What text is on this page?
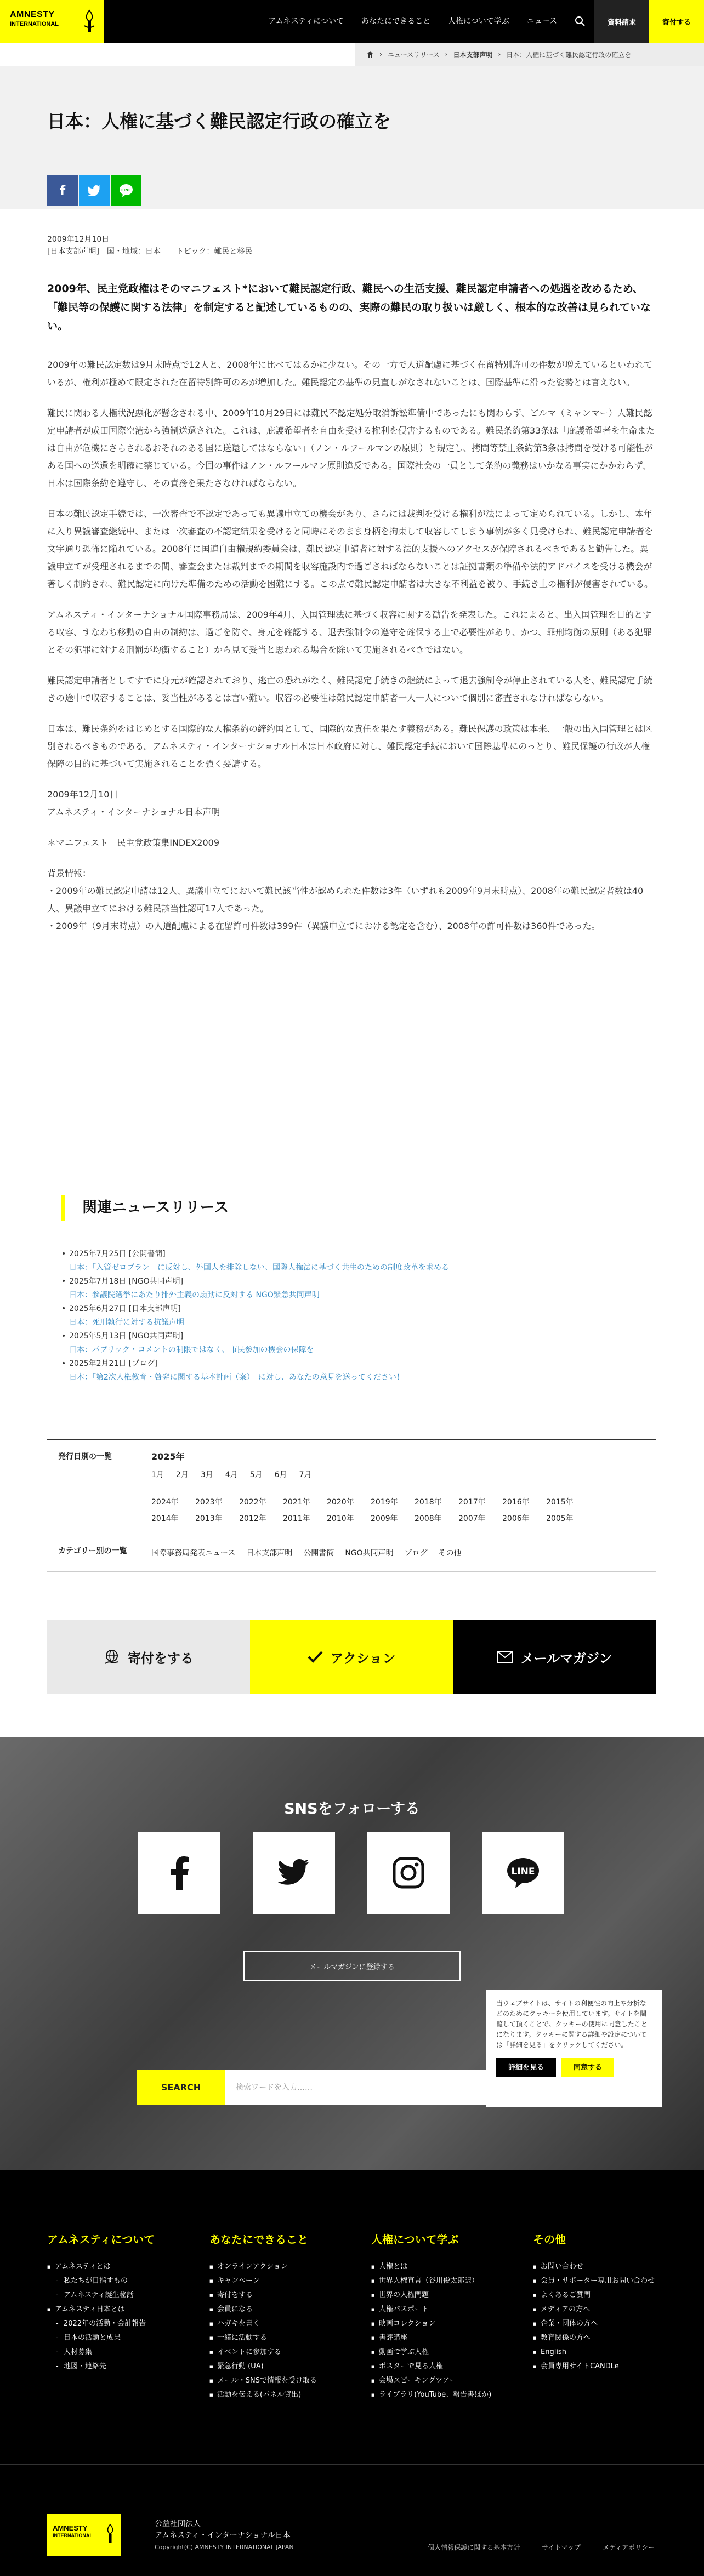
AMNESTY
INTERNATIONAL	アムネスティについて	あなたにできること	人権について学ぶ	ニュース	資料請求	寄付する
› ニュースリリース › 日本支部声明 › 日本：人権に基づく難民認定行政の確立を
日本：人権に基づく難民認定行政の確立を
f	LINE
2009年12月10日
[日本支部声明]　国・地域：日本　　トピック：難民と移民

2009年、民主党政権はそのマニフェスト*において難民認定行政、難民への生活支援、難民認定申請者への処遇を改めるため、「難民等の保護に関する法律」を制定すると記述しているものの、実際の難民の取り扱いは厳しく、根本的な改善は見られていない。

2009年の難民認定数は9月末時点で12人と、2008年に比べてはるかに少ない。その一方で人道配慮に基づく在留特別許可の件数が増えているといわれているが、権利が極めて限定された在留特別許可のみが増加した。難民認定の基準の見直しがなされないことは、国際基準に沿った姿勢とは言えない。

難民に関わる人権状況悪化が懸念される中、2009年10月29日には難民不認定処分取消訴訟準備中であったにも関わらず、ビルマ（ミャンマー）人難民認定申請者が成田国際空港から強制送還された。これは、庇護希望者を自由を受ける権利を侵害するものである。難民条約第33条は「庇護希望者を生命または自由が危機にさらされるおそれのある国に送還してはならない」（ノン・ルフールマンの原則）と規定し、拷問等禁止条約第3条は拷問を受ける可能性がある国への送還を明確に禁じている。今回の事件はノン・ルフールマン原則違反である。国際社会の一員として条約の義務はいかなる事実にかかわらず、日本は国際条約を遵守し、その責務を果たさなければならない。

日本の難民認定手続では、一次審査で不認定であっても異議申立ての機会があり、さらには裁判を受ける権利が法によって定められている。しかし、本年に入り異議審査継続中、または一次審査の不認定結果を受けると同時にそのまま身柄を拘束して収容してしまう事例が多く見受けられ、難民認定申請者を文字通り恐怖に陥れている。2008年に国連自由権規約委員会は、難民認定申請者に対する法的支援へのアクセスが保障されるべきであると勧告した。異議申立てが受理されるまでの間、審査会または裁判までの期間を収容施設内で過ごさねばならないことは証拠書類の準備や法的アドバイスを受ける機会が著しく制約され、難民認定に向けた準備のための活動を困難にする。この点で難民認定申請者は大きな不利益を被り、手続き上の権利が侵害されている。

アムネスティ・インターナショナル国際事務局は、2009年4月、入国管理法に基づく収容に関する勧告を発表した。これによると、出入国管理を目的とする収容、すなわち移動の自由の制約は、過ごを防ぐ、身元を確認する、退去強制令の遵守を確保する上で必要性があり、かつ、罪刑均衡の原則（ある犯罪とその犯罪に対する刑罰が均衡すること）から見て妥当と思われる場合を除いて実施されるべきではない。

難民認定申請者としてすでに身元が確認されており、逃亡の恐れがなく、難民認定手続きの継続によって退去強制令が停止されている人を、難民認定手続きの途中で収容することは、妥当性があるとは言い難い。収容の必要性は難民認定申請者一人一人について個別に審査されなければならない。

日本は、難民条約をはじめとする国際的な人権条約の締約国として、国際的な責任を果たす義務がある。難民保護の政策は本来、一般の出入国管理とは区別されるべきものである。アムネスティ・インターナショナル日本は日本政府に対し、難民認定手続において国際基準にのっとり、難民保護の行政が人権保障の目的に基づいて実施されることを強く要請する。

2009年12月10日

アムネスティ・インターナショナル日本声明

＊マニフェスト　民主党政策集INDEX2009

背景情報：

・2009年の難民認定申請は12人、異議申立てにおいて難民該当性が認められた件数は3件（いずれも2009年9月末時点）、2008年の難民認定者数は40人、異議申立てにおける難民該当性認可17人であった。

・2009年（9月末時点）の人道配慮による在留許可件数は399件（異議申立てにおける認定を含む）、2008年の許可件数は360件であった。

関連ニュースリリース
• 2025年7月25日 [公開書簡]
日本：「入管ゼロプラン」に反対し、外国人を排除しない、国際人権法に基づく共生のための制度改革を求める
• 2025年7月18日 [NGO共同声明]
日本：参議院選挙にあたり排外主義の扇動に反対する NGO緊急共同声明
• 2025年6月27日 [日本支部声明]
日本：死刑執行に対する抗議声明
• 2025年5月13日 [NGO共同声明]
日本：パブリック・コメントの制限ではなく、市民参加の機会の保障を
• 2025年2月21日 [ブログ]
日本：「第2次人権教育・啓発に関する基本計画（案）」に対し、あなたの意見を送ってください！
発行日別の一覧	2025年
1月 2月 3月 4月 5月 6月 7月
2024年	2023年	2022年	2021年	2020年	2019年	2018年	2017年	2016年	2015年
2014年	2013年	2012年	2011年	2010年	2009年	2008年	2007年	2006年	2005年
カテゴリー別の一覧	国際事務局発表ニュース 日本支部声明 公開書簡 NGO共同声明 ブログ その他
寄付をする	アクション	メールマガジン
SNSをフォローする
LINE
メールマガジンに登録する
SEARCH	検索ワードを入力……
当ウェブサイトは、サイトの利便性の向上や分析などのためにクッキーを使用しています。サイトを閲覧して頂くことで、クッキーの使用に同意したことになります。クッキーに関する詳細や設定については「詳細を見る」をクリックしてください。
詳細を見る	同意する
アムネスティについて
■ アムネスティとは
- 私たちが目指すもの
- アムネスティ誕生秘話
■ アムネスティ日本とは
- 2022年の活動・会計報告
- 日本の活動と成果
- 人材募集
- 地図・連絡先
あなたにできること
■ オンラインアクション
■ キャンペーン
■ 寄付をする
■ 会員になる
■ ハガキを書く
■ 一緒に活動する
■ イベントに参加する
■ 緊急行動 (UA)
■ メール・SNSで情報を受け取る
■ 活動を伝える(パネル貸出)
人権について学ぶ
■ 人権とは
■ 世界人権宣言（谷川俊太郎訳）
■ 世界の人権問題
■ 人権パスポート
■ 映画コレクション
■ 書評講座
■ 動画で学ぶ人権
■ ポスターで見る人権
■ 会場スピーキングツアー
■ ライブラリ(YouTube、報告書ほか)
その他
■ お問い合わせ
■ 会員・サポーター専用お問い合わせ
■ よくあるご質問
■ メディアの方へ
■ 企業・団体の方へ
■ 教育関係の方へ
■ English
■ 会員専用サイトCANDLe
AMNESTY
INTERNATIONAL
公益社団法人
アムネスティ・インターナショナル日本
Copyright(C) AMNESTY INTERNATIONAL JAPAN	個人情報保護に関する基本方針	サイトマップ	メディアポリシー
